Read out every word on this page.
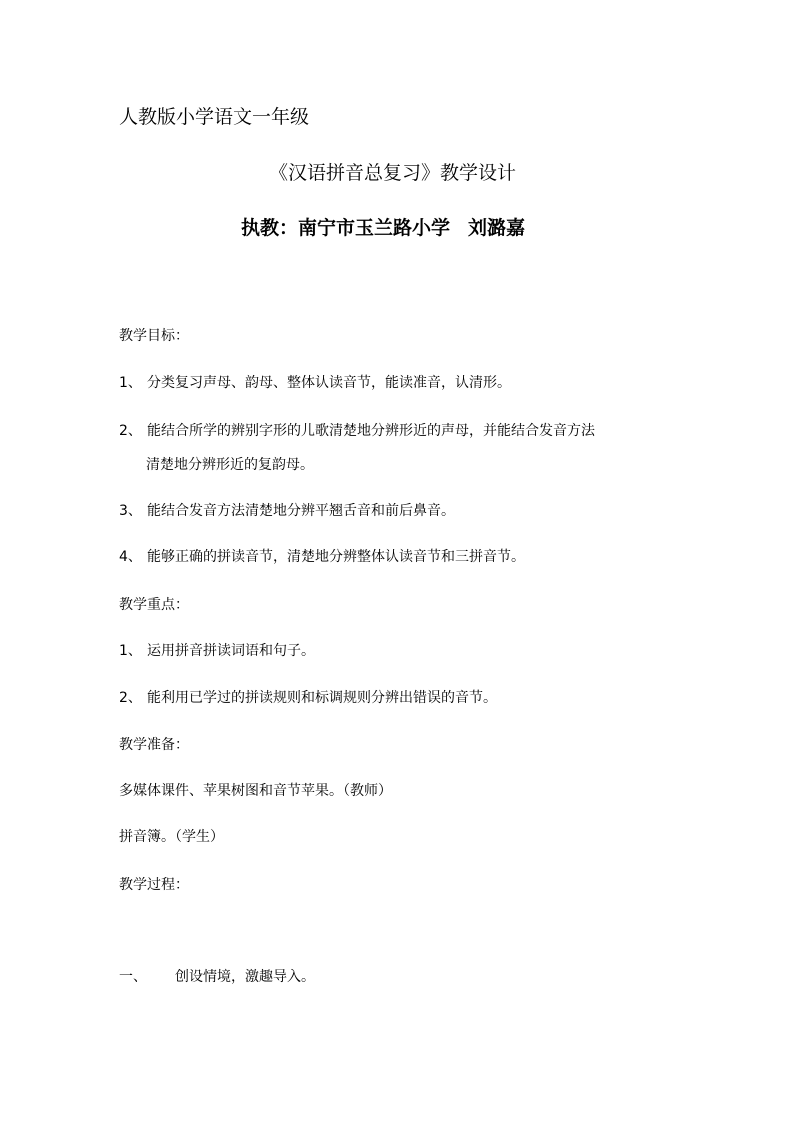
人教版小学语文一年级
《汉语拼音总复习》教学设计
执教：南宁市玉兰路小学 刘潞嘉
教学目标：
1、 分类复习声母、韵母、整体认读音节，能读准音，认清形。
2、 能结合所学的辨别字形的儿歌清楚地分辨形近的声母，并能结合发音方法
清楚地分辨形近的复韵母。
3、 能结合发音方法清楚地分辨平翘舌音和前后鼻音。
4、 能够正确的拼读音节，清楚地分辨整体认读音节和三拼音节。
教学重点：
1、 运用拼音拼读词语和句子。
2、 能利用已学过的拼读规则和标调规则分辨出错误的音节。
教学准备：
多媒体课件、苹果树图和音节苹果。（教师）
拼音簿。（学生）
教学过程：
一、 创设情境，激趣导入。
